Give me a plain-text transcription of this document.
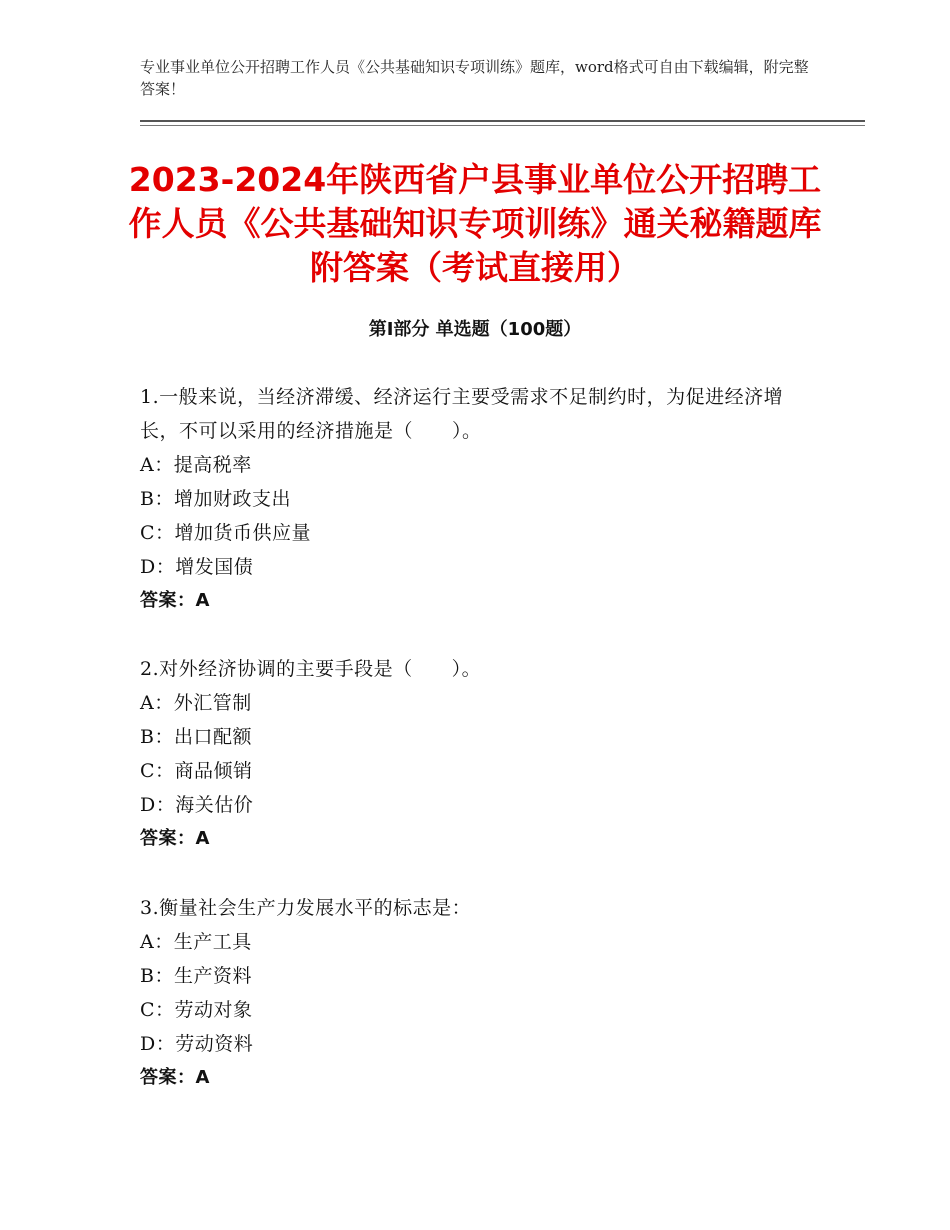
专业事业单位公开招聘工作人员《公共基础知识专项训练》题库，word格式可自由下载编辑，附完整答案！
2023-2024年陕西省户县事业单位公开招聘工作人员《公共基础知识专项训练》通关秘籍题库附答案（考试直接用）
第Ⅰ部分 单选题（100题）
1.一般来说，当经济滞缓、经济运行主要受需求不足制约时，为促进经济增长，不可以采用的经济措施是（　　）。
A：提高税率
B：增加财政支出
C：增加货币供应量
D：增发国债
答案：A
2.对外经济协调的主要手段是（　　）。
A：外汇管制
B：出口配额
C：商品倾销
D：海关估价
答案：A
3.衡量社会生产力发展水平的标志是：
A：生产工具
B：生产资料
C：劳动对象
D：劳动资料
答案：A
